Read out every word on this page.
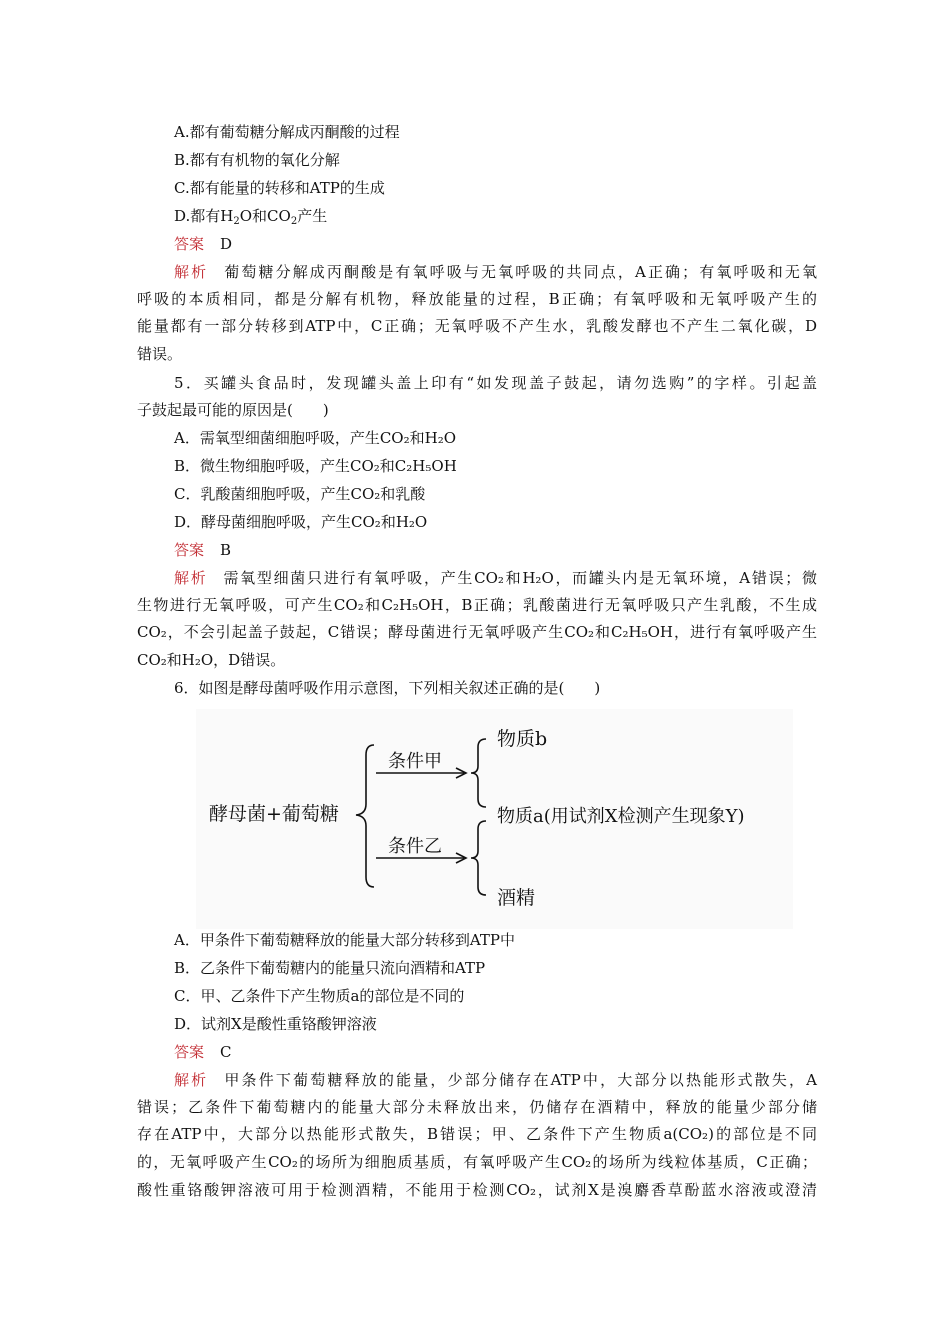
A.都有葡萄糖分解成丙酮酸的过程
B.都有有机物的氧化分解
C.都有能量的转移和ATP的生成
D.都有$H_2O$和$CO_2$产生
答案 D
解析 葡萄糖分解成丙酮酸是有氧呼吸与无氧呼吸的共同点，A正确；有氧呼吸和无氧
呼吸的本质相同，都是分解有机物，释放能量的过程，B正确；有氧呼吸和无氧呼吸产生的
能量都有一部分转移到ATP中，C正确；无氧呼吸不产生水，乳酸发酵也不产生二氧化碳，D
错误。
5．买罐头食品时，发现罐头盖上印有“如发现盖子鼓起，请勿选购”的字样。引起盖
子鼓起最可能的原因是(　　)
A．需氧型细菌细胞呼吸，产生CO₂和H₂O
B．微生物细胞呼吸，产生CO₂和C₂H₅OH
C．乳酸菌细胞呼吸，产生CO₂和乳酸
D．酵母菌细胞呼吸，产生CO₂和H₂O
答案 B
解析 需氧型细菌只进行有氧呼吸，产生CO₂和H₂O，而罐头内是无氧环境，A错误；微
生物进行无氧呼吸，可产生CO₂和C₂H₅OH，B正确；乳酸菌进行无氧呼吸只产生乳酸，不生成
CO₂，不会引起盖子鼓起，C错误；酵母菌进行无氧呼吸产生CO₂和C₂H₅OH，进行有氧呼吸产生
CO₂和H₂O，D错误。
6．如图是酵母菌呼吸作用示意图，下列相关叙述正确的是(　　)
酵母菌+葡萄糖
条件甲
条件乙
物质b
物质a(用试剂X检测产生现象Y)
酒精
A．甲条件下葡萄糖释放的能量大部分转移到ATP中
B．乙条件下葡萄糖内的能量只流向酒精和ATP
C．甲、乙条件下产生物质a的部位是不同的
D．试剂X是酸性重铬酸钾溶液
答案 C
解析 甲条件下葡萄糖释放的能量，少部分储存在ATP中，大部分以热能形式散失，A
错误；乙条件下葡萄糖内的能量大部分未释放出来，仍储存在酒精中，释放的能量少部分储
存在ATP中，大部分以热能形式散失，B错误；甲、乙条件下产生物质a(CO₂)的部位是不同
的，无氧呼吸产生CO₂的场所为细胞质基质，有氧呼吸产生CO₂的场所为线粒体基质，C正确；
酸性重铬酸钾溶液可用于检测酒精，不能用于检测CO₂，试剂X是溴麝香草酚蓝水溶液或澄清
